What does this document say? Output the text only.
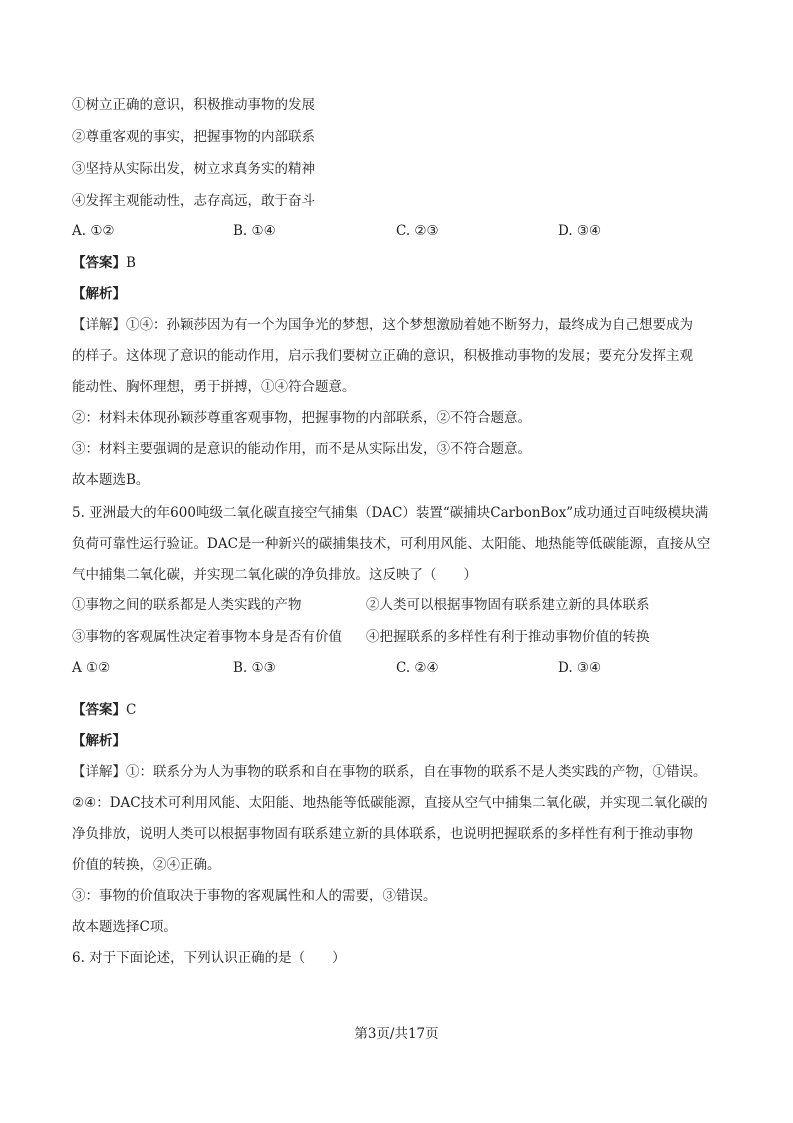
①树立正确的意识，积极推动事物的发展
②尊重客观的事实，把握事物的内部联系
③坚持从实际出发，树立求真务实的精神
④发挥主观能动性，志存高远，敢于奋斗
A. ①②	B. ①④	C. ②③	D. ③④
【答案】B
【解析】
【详解】①④：孙颖莎因为有一个为国争光的梦想，这个梦想激励着她不断努力，最终成为自己想要成为
的样子。这体现了意识的能动作用，启示我们要树立正确的意识，积极推动事物的发展；要充分发挥主观
能动性、胸怀理想，勇于拼搏，①④符合题意。
②：材料未体现孙颖莎尊重客观事物，把握事物的内部联系，②不符合题意。
③：材料主要强调的是意识的能动作用，而不是从实际出发，③不符合题意。
故本题选B。
5. 亚洲最大的年600吨级二氧化碳直接空气捕集（DAC）装置“碳捕块CarbonBox”成功通过百吨级模块满
负荷可靠性运行验证。DAC是一种新兴的碳捕集技术，可利用风能、太阳能、地热能等低碳能源，直接从空
气中捕集二氧化碳，并实现二氧化碳的净负排放。这反映了（　　）
①事物之间的联系都是人类实践的产物	②人类可以根据事物固有联系建立新的具体联系
③事物的客观属性决定着事物本身是否有价值 ④把握联系的多样性有利于推动事物价值的转换
A ①②	B. ①③	C. ②④	D. ③④
【答案】C
【解析】
【详解】①：联系分为人为事物的联系和自在事物的联系，自在事物的联系不是人类实践的产物，①错误。
②④：DAC技术可利用风能、太阳能、地热能等低碳能源，直接从空气中捕集二氧化碳，并实现二氧化碳的
净负排放，说明人类可以根据事物固有联系建立新的具体联系，也说明把握联系的多样性有利于推动事物
价值的转换，②④正确。
③：事物的价值取决于事物的客观属性和人的需要，③错误。
故本题选择C项。
6. 对于下面论述，下列认识正确的是（　　）
第3页/共17页
